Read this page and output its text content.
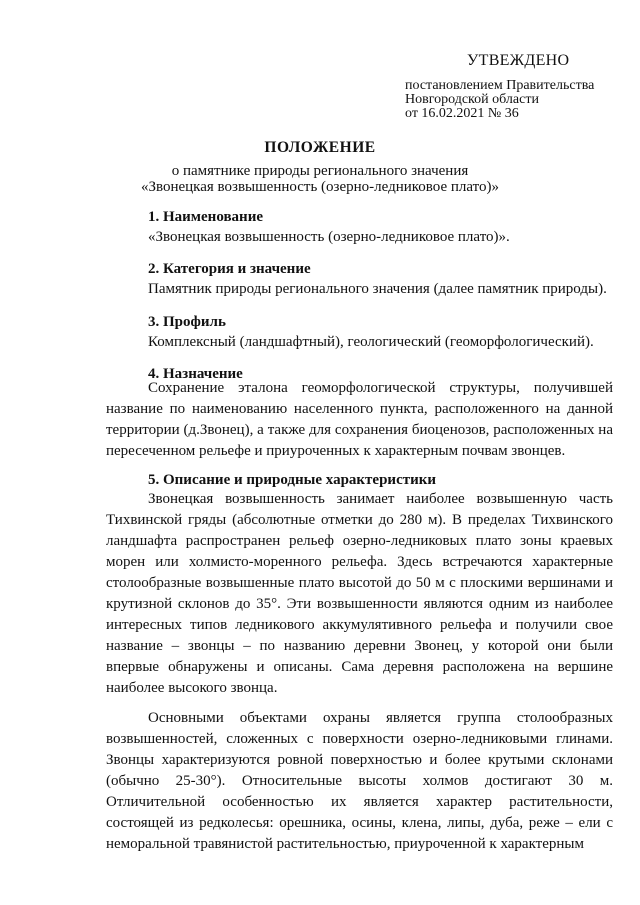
УТВЕЖДЕНО
постановлением Правительства
Новгородской области
от 16.02.2021 № 36
ПОЛОЖЕНИЕ
о памятнике природы регионального значения
«Звонецкая возвышенность (озерно-ледниковое плато)»
1. Наименование
«Звонецкая возвышенность (озерно-ледниковое плато)».
2. Категория и значение
Памятник природы регионального значения (далее памятник природы).
3. Профиль
Комплексный (ландшафтный), геологический (геоморфологический).
4. Назначение

Сохранение эталона геоморфологической структуры, получившей название по наименованию населенного пункта, расположенного на данной территории (д.Звонец), а также для сохранения биоценозов, расположенных на пересеченном рельефе и приуроченных к характерным почвам звонцев.

5. Описание и природные характеристики

Звонецкая возвышенность занимает наиболее возвышенную часть Тихвинской гряды (абсолютные отметки до 280 м). В пределах Тихвинского ландшафта распространен рельеф озерно-ледниковых плато зоны краевых морен или холмисто-моренного рельефа. Здесь встречаются характерные столообразные возвышенные плато высотой до 50 м с плоскими вершинами и крутизной склонов до 35°. Эти возвышенности являются одним из наиболее интересных типов ледникового аккумулятивного рельефа и получили свое название – звонцы – по названию деревни Звонец, у которой они были впервые обнаружены и описаны. Сама деревня расположена на вершине наиболее высокого звонца.

Основными объектами охраны является группа столообразных возвышенностей, сложенных с поверхности озерно-ледниковыми глинами. Звонцы характеризуются ровной поверхностью и более крутыми склонами (обычно 25-30°). Относительные высоты холмов достигают 30 м. Отличительной особенностью их является характер растительности, состоящей из редколесья: орешника, осины, клена, липы, дуба, реже – ели с неморальной травянистой растительностью, приуроченной к характерным
